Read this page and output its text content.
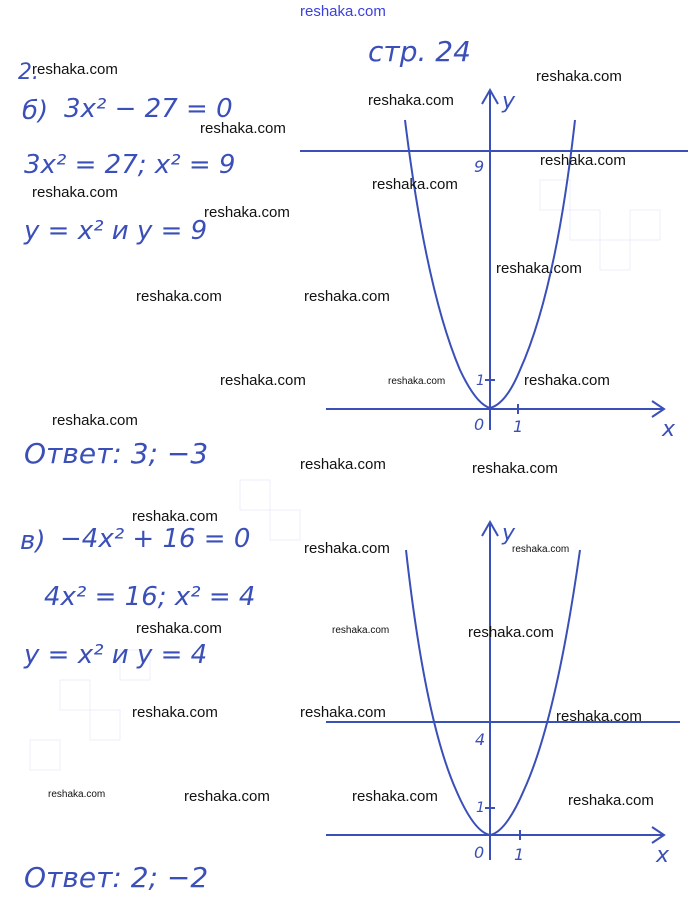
reshaka.com
2.
стр. 24
б) 3x² − 27 = 0
3x² = 27; x² = 9
y = x² и y = 9
Ответ: 3; −3
в) −4x² + 16 = 0
4x² = 16; x² = 4
y = x² и y = 4
Ответ: 2; −2
x
y
0 1
1
9
x
y
0 1
1
4
reshaka.com	reshaka.com
reshaka.com
reshaka.com
reshaka.com
reshaka.com
reshaka.com
reshaka.com
reshaka.com
reshaka.com	reshaka.com
reshaka.com	reshaka.com	reshaka.com
reshaka.com
reshaka.com	reshaka.com
reshaka.com
reshaka.com	reshaka.com
reshaka.com	reshaka.com	reshaka.com
reshaka.com	reshaka.com	reshaka.com
reshaka.com	reshaka.com	reshaka.com	reshaka.com
